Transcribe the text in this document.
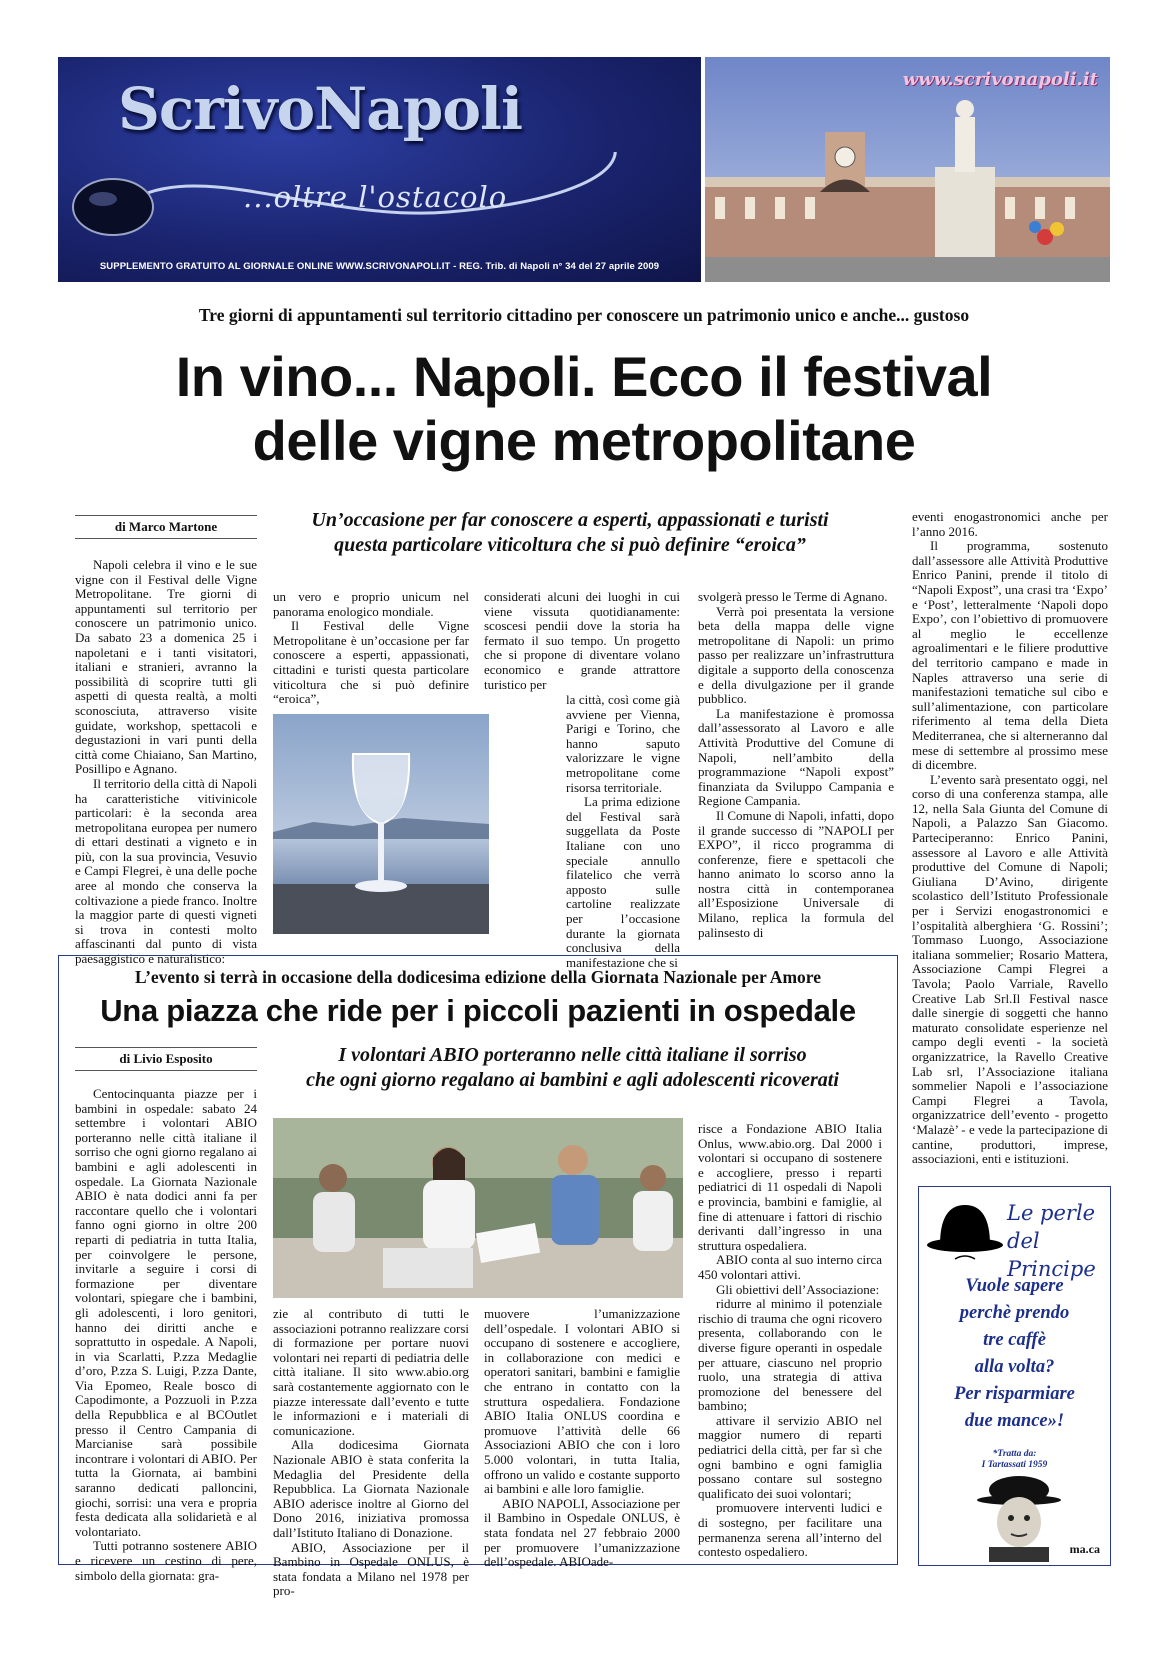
ScrivoNapoli
...oltre l'ostacolo
SUPPLEMENTO GRATUITO AL GIORNALE ONLINE WWW.SCRIVONAPOLI.IT - REG. Trib. di Napoli n° 34 del 27 aprile 2009
www.scrivonapoli.it
Tre giorni di appuntamenti sul territorio cittadino per conoscere un patrimonio unico e anche... gustoso
In vino... Napoli. Ecco il festival
delle vigne metropolitane
di Marco Martone	Un’occasione per far conoscere a esperti, appassionati e turisti
questa particolare viticoltura che si può definire “eroica”

Napoli celebra il vino e le sue vigne con il Festival delle Vigne Metropolitane. Tre giorni di appuntamenti sul territorio per conoscere un patrimonio unico. Da sabato 23 a domenica 25 i napoletani e i tanti visitatori, italiani e stranieri, avranno la possibilità di scoprire tutti gli aspetti di questa realtà, a molti sconosciuta, attraverso visite guidate, workshop, spettacoli e degustazioni in vari punti della città come Chiaiano, San Martino, Posillipo e Agnano.

Il territorio della città di Napoli ha caratteristiche vitivinicole particolari: è la seconda area metropolitana europea per numero di ettari destinati a vigneto e in più, con la sua provincia, Vesuvio e Campi Flegrei, è una delle poche aree al mondo che conserva la coltivazione a piede franco. Inoltre la maggior parte di questi vigneti si trova in contesti molto affascinanti dal punto di vista paesaggistico e naturalistico:

un vero e proprio unicum nel panorama enologico mondiale.

Il Festival delle Vigne Metropolitane è un’occasione per far conoscere a esperti, appassionati, cittadini e turisti questa particolare viticoltura che si può definire “eroica”,

considerati alcuni dei luoghi in cui viene vissuta quotidianamente: scoscesi pendii dove la storia ha fermato il suo tempo. Un progetto che si propone di diventare volano economico e grande attrattore turistico per

la città, così come già avviene per Vienna, Parigi e Torino, che hanno saputo valorizzare le vigne metropolitane come risorsa territoriale.

La prima edizione del Festival sarà suggellata da Poste Italiane con uno speciale annullo filatelico che verrà apposto sulle cartoline realizzate per l’occasione durante la giornata conclusiva della manifestazione che si

svolgerà presso le Terme di Agnano.

Verrà poi presentata la versione beta della mappa delle vigne metropolitane di Napoli: un primo passo per realizzare un’infrastruttura digitale a supporto della conoscenza e della divulgazione per il grande pubblico.

La manifestazione è promossa dall’assessorato al Lavoro e alle Attività Produttive del Comune di Napoli, nell’ambito della programmazione “Napoli expost” finanziata da Sviluppo Campania e Regione Campania.

Il Comune di Napoli, infatti, dopo il grande successo di ”NAPOLI per EXPO”, il ricco programma di conferenze, fiere e spettacoli che hanno animato lo scorso anno la nostra città in contemporanea all’Esposizione Universale di Milano, replica la formula del palinsesto di

eventi enogastronomici anche per l’anno 2016.

Il programma, sostenuto dall’assessore alle Attività Produttive Enrico Panini, prende il titolo di “Napoli Expost”, una crasi tra ‘Expo’ e ‘Post’, letteralmente ‘Napoli dopo Expo’, con l’obiettivo di promuovere al meglio le eccellenze agroalimentari e le filiere produttive del territorio campano e made in Naples attraverso una serie di manifestazioni tematiche sul cibo e sull’alimentazione, con particolare riferimento al tema della Dieta Mediterranea, che si alterneranno dal mese di settembre al prossimo mese di dicembre.

L’evento sarà presentato oggi, nel corso di una conferenza stampa, alle 12, nella Sala Giunta del Comune di Napoli, a Palazzo San Giacomo. Parteciperanno: Enrico Panini, assessore al Lavoro e alle Attività produttive del Comune di Napoli; Giuliana D’Avino, dirigente scolastico dell’Istituto Professionale per i Servizi enogastronomici e l’ospitalità alberghiera ‘G. Rossini’; Tommaso Luongo, Associazione italiana sommelier; Rosario Mattera, Associazione Campi Flegrei a Tavola; Paolo Varriale, Ravello Creative Lab Srl.Il Festival nasce dalle sinergie di soggetti che hanno maturato consolidate esperienze nel campo degli eventi - la società organizzatrice, la Ravello Creative Lab srl, l’Associazione italiana sommelier Napoli e l’associazione Campi Flegrei a Tavola, organizzatrice dell’evento - progetto ‘Malazè’ - e vede la partecipazione di cantine, produttori, imprese, associazioni, enti e istituzioni.

L’evento si terrà in occasione della dodicesima edizione della Giornata Nazionale per Amore
Una piazza che ride per i piccoli pazienti in ospedale
di Livio Esposito	I volontari ABIO porteranno nelle città italiane il sorriso
che ogni giorno regalano ai bambini e agli adolescenti ricoverati

Centocinquanta piazze per i bambini in ospedale: sabato 24 settembre i volontari ABIO porteranno nelle città italiane il sorriso che ogni giorno regalano ai bambini e agli adolescenti in ospedale. La Giornata Nazionale ABIO è nata dodici anni fa per raccontare quello che i volontari fanno ogni giorno in oltre 200 reparti di pediatria in tutta Italia, per coinvolgere le persone, invitarle a seguire i corsi di formazione per diventare volontari, spiegare che i bambini, gli adolescenti, i loro genitori, hanno dei diritti anche e soprattutto in ospedale. A Napoli, in via Scarlatti, P.zza Medaglie d’oro, P.zza S. Luigi, P.zza Dante, Via Epomeo, Reale bosco di Capodimonte, a Pozzuoli in P.zza della Repubblica e al BCOutlet presso il Centro Campania di Marcianise sarà possibile incontrare i volontari di ABIO. Per tutta la Giornata, ai bambini saranno dedicati palloncini, giochi, sorrisi: una vera e propria festa dedicata alla solidarietà e al volontariato.

Tutti potranno sostenere ABIO e ricevere un cestino di pere, simbolo della giornata: gra-

zie al contributo di tutti le associazioni potranno realizzare corsi di formazione per portare nuovi volontari nei reparti di pediatria delle città italiane. Il sito www.abio.org sarà costantemente aggiornato con le piazze interessate dall’evento e tutte le informazioni e i materiali di comunicazione.

Alla dodicesima Giornata Nazionale ABIO è stata conferita la Medaglia del Presidente della Repubblica. La Giornata Nazionale ABIO aderisce inoltre al Giorno del Dono 2016, iniziativa promossa dall’Istituto Italiano di Donazione.

ABIO, Associazione per il Bambino in Ospedale ONLUS, è stata fondata a Milano nel 1978 per pro-

muovere l’umanizzazione dell’ospedale. I volontari ABIO si occupano di sostenere e accogliere, in collaborazione con medici e operatori sanitari, bambini e famiglie che entrano in contatto con la struttura ospedaliera. Fondazione ABIO Italia ONLUS coordina e promuove l’attività delle 66 Associazioni ABIO che con i loro 5.000 volontari, in tutta Italia, offrono un valido e costante supporto ai bambini e alle loro famiglie.

ABIO NAPOLI, Associazione per il Bambino in Ospedale ONLUS, è stata fondata nel 27 febbraio 2000 per promuovere l’umanizzazione dell’ospedale. ABIOade-

risce a Fondazione ABIO Italia Onlus, www.abio.org. Dal 2000 i volontari si occupano di sostenere e accogliere, presso i reparti pediatrici di 11 ospedali di Napoli e provincia, bambini e famiglie, al fine di attenuare i fattori di rischio derivanti dall’ingresso in una struttura ospedaliera.

ABIO conta al suo interno circa 450 volontari attivi.

Gli obiettivi dell’Associazione:

ridurre al minimo il potenziale rischio di trauma che ogni ricovero presenta, collaborando con le diverse figure operanti in ospedale per attuare, ciascuno nel proprio ruolo, una strategia di attiva promozione del benessere del bambino;

attivare il servizio ABIO nel maggior numero di reparti pediatrici della città, per far sì che ogni bambino e ogni famiglia possano contare sul sostegno qualificato dei suoi volontari;

promuovere interventi ludici e di sostegno, per facilitare una permanenza serena all’interno del contesto ospedaliero.

Le perle
del Principe
Vuole sapere
perchè prendo
tre caffè
alla volta?
Per risparmiare
due mance»!
*Tratta da:
I Tartassati 1959
ma.ca
